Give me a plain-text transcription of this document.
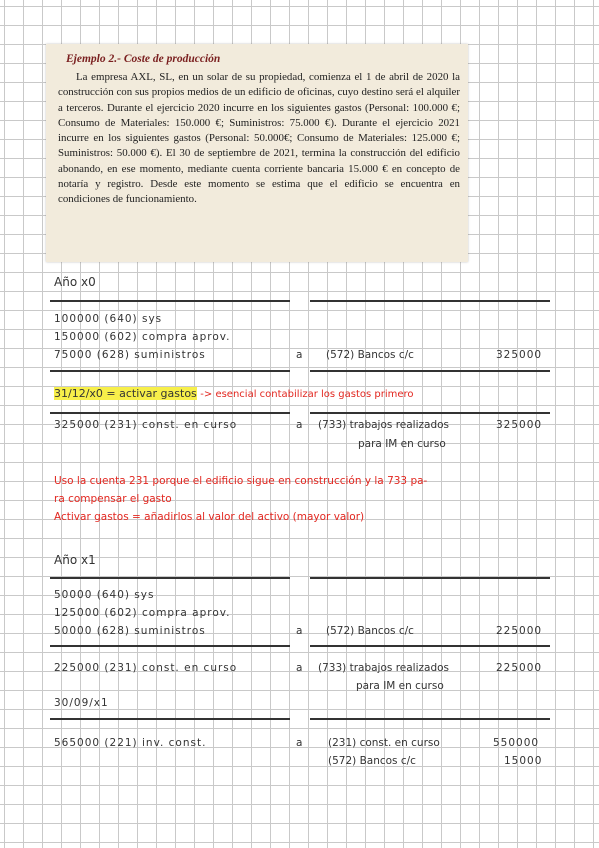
Ejemplo 2.- Coste de producción

La empresa AXL, SL, en un solar de su propiedad, comienza el 1 de abril de 2020 la construcción con sus propios medios de un edificio de oficinas, cuyo destino será el alquiler a terceros. Durante el ejercicio 2020 incurre en los siguientes gastos (Personal: 100.000 €; Consumo de Materiales: 150.000 €; Suministros: 75.000 €). Durante el ejercicio 2021 incurre en los siguientes gastos (Personal: 50.000€; Consumo de Materiales: 125.000 €; Suministros: 50.000 €). El 30 de septiembre de 2021, termina la construcción del edificio abonando, en ese momento, mediante cuenta corriente bancaria 15.000 € en concepto de notaría y registro. Desde este momento se estima que el edificio se encuentra en condiciones de funcionamiento.

Año x0
100000 (640) sys
150000 (602) compra aprov.
75000 (628) suministros	a (572) Bancos c/c	325000
31/12/x0 = activar gastos -> esencial contabilizar los gastos primero
325000 (231) const. en curso	a (733) trabajos realizados	325000
para IM en curso
Uso la cuenta 231 porque el edificio sigue en construcción y la 733 pa-
ra compensar el gasto
Activar gastos = añadirlos al valor del activo (mayor valor)
Año x1
50000 (640) sys
125000 (602) compra aprov.
50000 (628) suministros	a (572) Bancos c/c	225000
225000 (231) const. en curso	a (733) trabajos realizados	225000
para IM en curso
30/09/x1
565000 (221) inv. const.	a (231) const. en curso	550000
(572) Bancos c/c	15000
